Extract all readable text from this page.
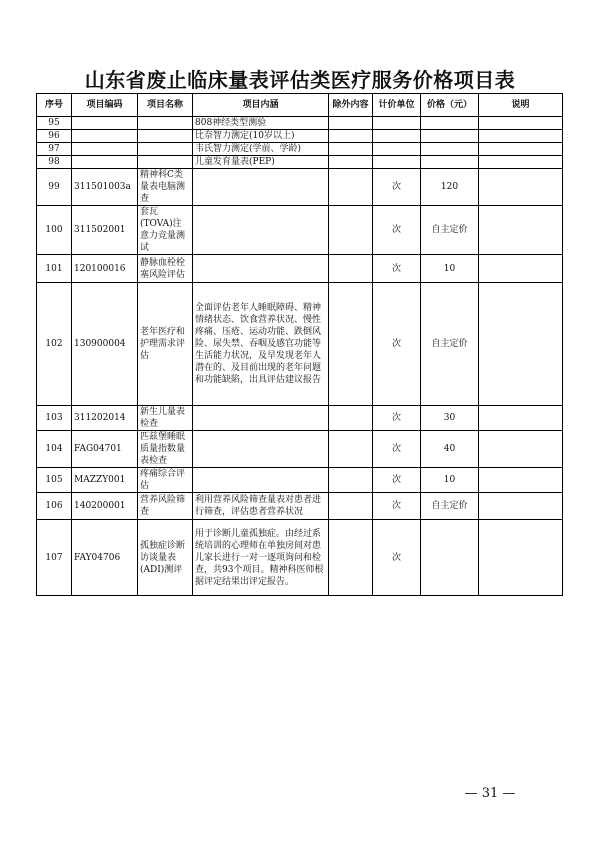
山东省废止临床量表评估类医疗服务价格项目表
序号	项目编码	项目名称	项目内涵	除外内容	计价单位	价格（元）	说明
95			808神经类型测验				
96			比奈智力测定(10岁以上)				
97			韦氏智力测定(学前、学龄)				
98			儿童发育量表(PEP)				
99	311501003a	精神科C类量表电脑测查			次	120	
100	311502001	套瓦(TOVA)注意力竞量测试			次	自主定价	
101	120100016	静脉血栓栓塞风险评估			次	10	
102	130900004	老年医疗和护理需求评估	全面评估老年人睡眠障碍、精神情绪状态、饮食营养状况、慢性疼痛、压疮、运动功能、跌倒风险、尿失禁、吞咽及感官功能等生活能力状况，及早发现老年人潜在的、及目前出现的老年问题和功能缺陷，出具评估建议报告		次	自主定价	
103	311202014	新生儿量表检查			次	30	
104	FAG04701	匹兹堡睡眠质量指数量表检查			次	40	
105	MAZZY001	疼痛综合评估			次	10	
106	140200001	营养风险筛查	利用营养风险筛查量表对患者进行筛查，评估患者营养状况		次	自主定价	
107	FAY04706	孤独症诊断访谈量表(ADI)测评	用于诊断儿童孤独症。由经过系统培训的心理师在单独房间对患儿家长进行一对一逐项询问和检查，共93个项目。精神科医师根据评定结果出评定报告。		次		
— 31 —
